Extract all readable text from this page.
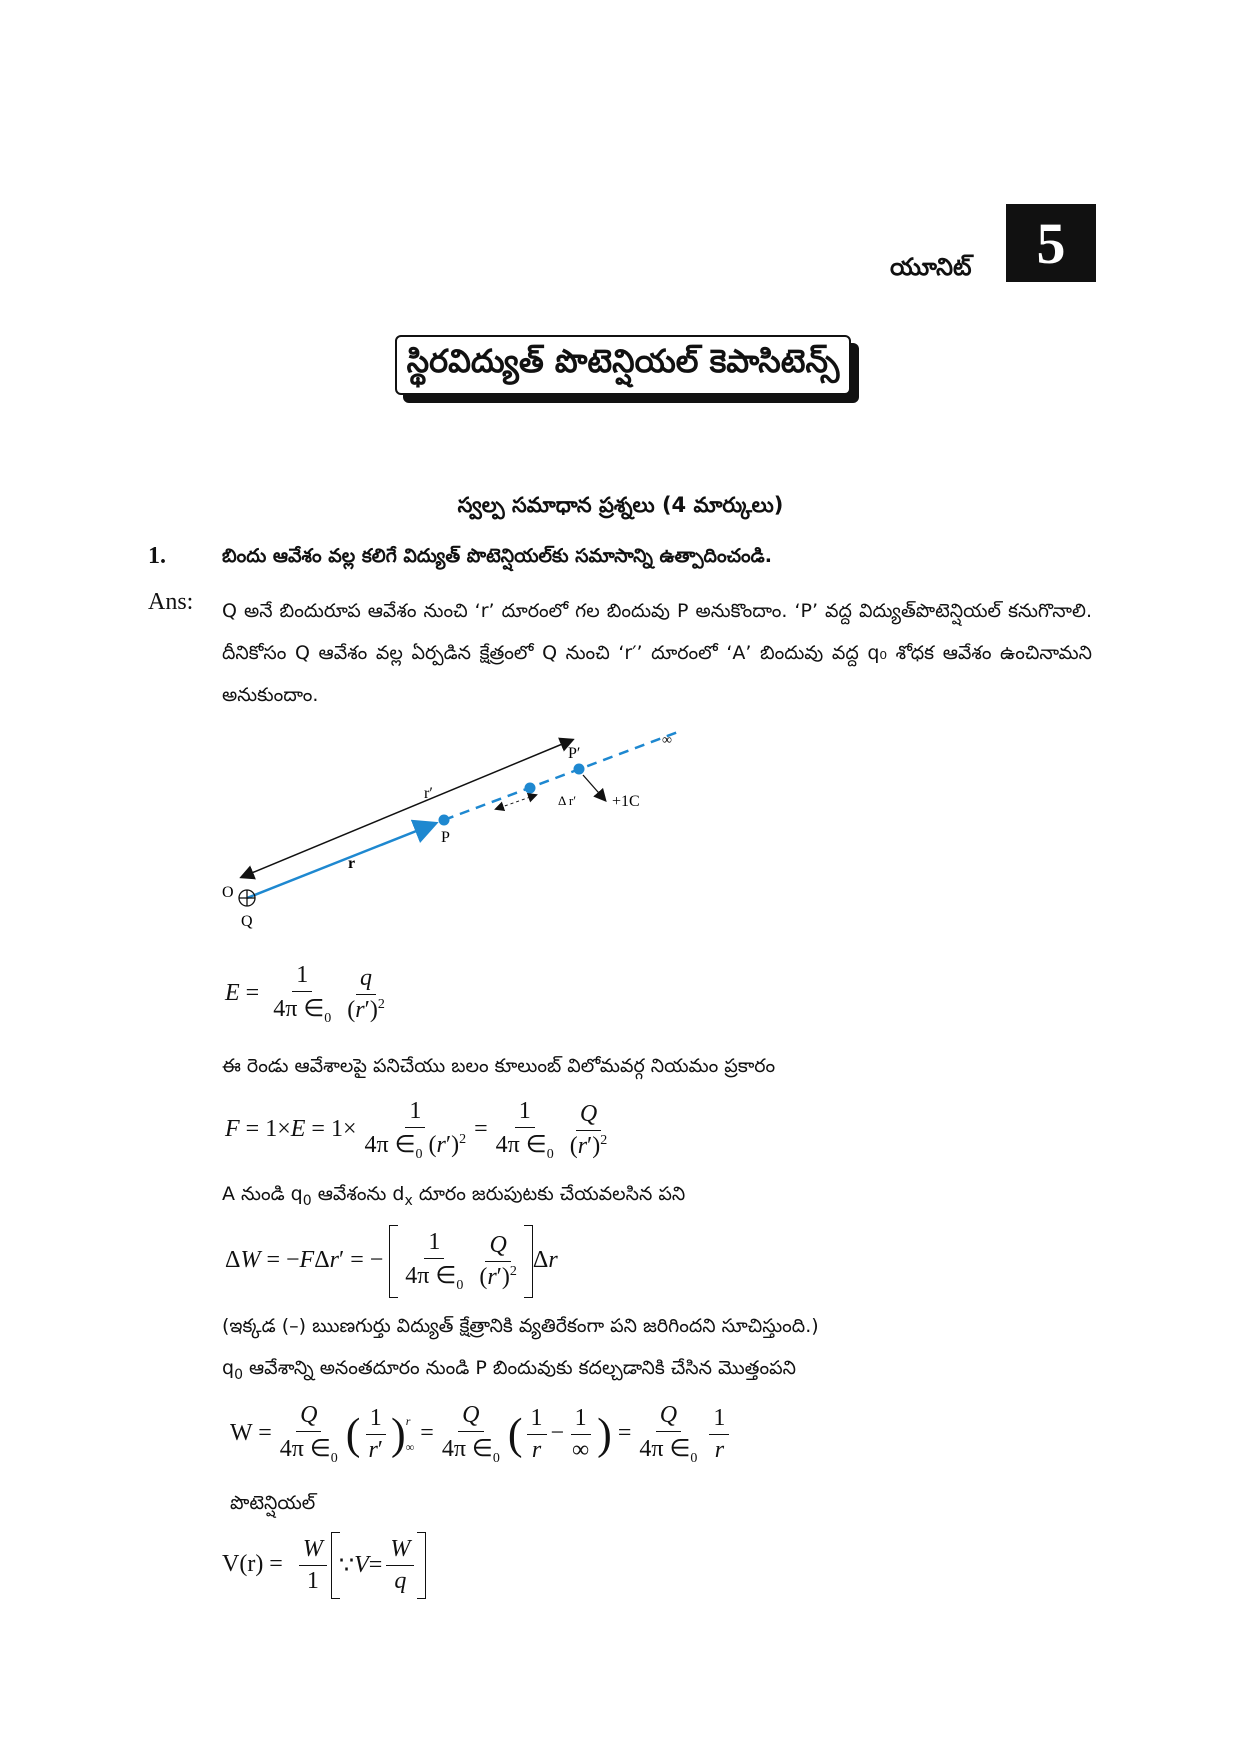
యూనిట్	5
స్థిరవిద్యుత్ పొటెన్షియల్ కెపాసిటెన్స్
స్వల్ప సమాధాన ప్రశ్నలు (4 మార్కులు)
1.	బిందు ఆవేశం వల్ల కలిగే విద్యుత్ పొటెన్షియల్‌కు సమాసాన్ని ఉత్పాదించండి.
Ans: Q అనే బిందురూప ఆవేశం నుంచి ‘r’ దూరంలో గల బిందువు P అనుకొందాం. ‘P’ వద్ద విద్యుత్‌పొటెన్షియల్ కనుగొనాలి. దీనికోసం Q ఆవేశం వల్ల ఏర్పడిన క్షేత్రంలో Q నుంచి ‘r′’ దూరంలో ‘A’ బిందువు వద్ద q₀ శోధక ఆవేశం ఉంచినామని అనుకుందాం.
O
Q
P
P′
r
r′	Δ r′ +1C
∞
$E = \frac{1}{4\pi \in_0} \frac{q}{(r')^2}$
ఈ రెండు ఆవేశాలపై పనిచేయు బలం కూలుంబ్ విలోమవర్గ నియమం ప్రకారం
$F = 1\times E = 1\times \frac{1}{4\pi \in_0 (r')^2} = \frac{1}{4\pi \in_0} \frac{Q}{(r')^2}$
A నుండి $q_0$ ఆవేశంను $d_x$ దూరం జరుపుటకు చేయవలసిన పని
ΔW = −FΔr′ = − $\frac{1}{4\pi \in_0} \frac{Q}{(r')^2}$ Δr
(ఇక్కడ (–) ఋణగుర్తు విద్యుత్ క్షేత్రానికి వ్యతిరేకంగా పని జరిగిందని సూచిస్తుంది.)
$q_0$ ఆవేశాన్ని అనంతదూరం నుండి P బిందువుకు కదల్చడానికి చేసిన మొత్తంపని
$W = \frac{Q}{4\pi \in_0}$ ( $\frac{1}{r'}$ ) r
∞
= $\frac{Q}{4\pi \in_0}$ ( $\frac{1}{r} - \frac{1}{\infty}$ ) = $\frac{Q}{4\pi \in_0} \frac{1}{r}$
పొటెన్షియల్
$V(r) = \frac{W}{1}$ ∵ $V = \frac{W}{q}$
